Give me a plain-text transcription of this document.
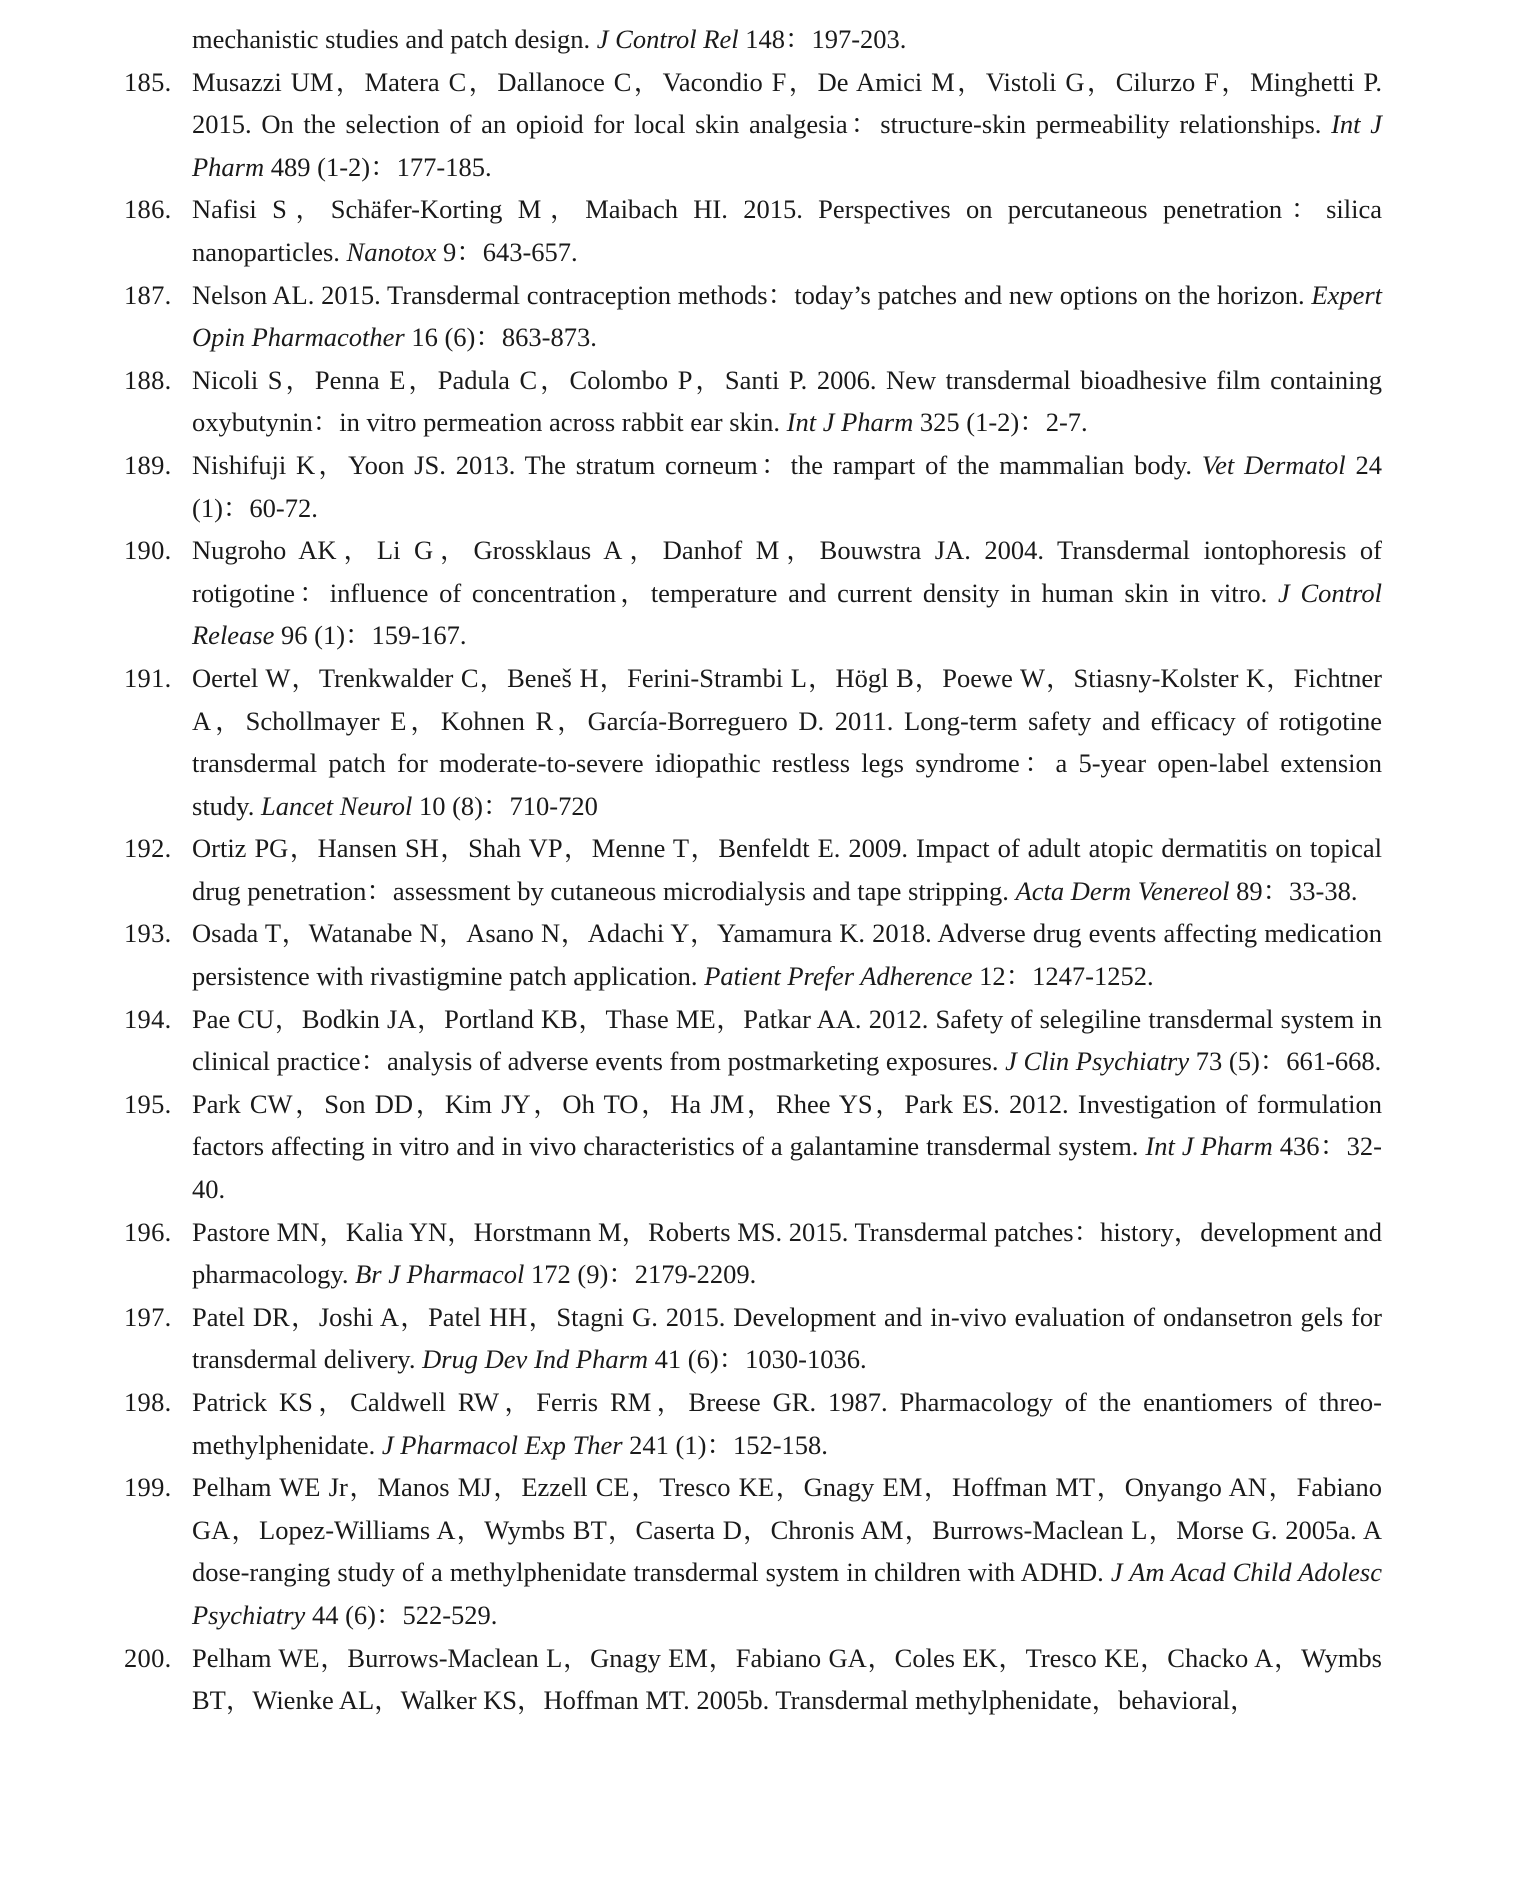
mechanistic studies and patch design. J Control Rel 148：197-203.
185. Musazzi UM，Matera C，Dallanoce C，Vacondio F，De Amici M，Vistoli G，Cilurzo F，Minghetti P. 2015. On the selection of an opioid for local skin analgesia：structure-skin permeability relationships. Int J Pharm 489 (1-2)：177-185.
186. Nafisi S，Schäfer-Korting M，Maibach HI. 2015. Perspectives on percutaneous penetration：silica nanoparticles. Nanotox 9：643-657.
187. Nelson AL. 2015. Transdermal contraception methods：today’s patches and new options on the horizon. Expert Opin Pharmacother 16 (6)：863-873.
188. Nicoli S，Penna E，Padula C，Colombo P，Santi P. 2006. New transdermal bioadhesive film containing oxybutynin：in vitro permeation across rabbit ear skin. Int J Pharm 325 (1-2)：2-7.
189. Nishifuji K，Yoon JS. 2013. The stratum corneum：the rampart of the mammalian body. Vet Dermatol 24 (1)：60-72.
190. Nugroho AK，Li G，Grossklaus A，Danhof M，Bouwstra JA. 2004. Transdermal iontophoresis of rotigotine：influence of concentration，temperature and current density in human skin in vitro. J Control Release 96 (1)：159-167.
191. Oertel W，Trenkwalder C，Beneš H，Ferini-Strambi L，Högl B，Poewe W，Stiasny-Kolster K，Fichtner A，Schollmayer E，Kohnen R，García-Borreguero D. 2011. Long-term safety and efficacy of rotigotine transdermal patch for moderate-to-severe idiopathic restless legs syndrome：a 5-year open-label extension study. Lancet Neurol 10 (8)：710-720
192. Ortiz PG，Hansen SH，Shah VP，Menne T，Benfeldt E. 2009. Impact of adult atopic dermatitis on topical drug penetration：assessment by cutaneous microdialysis and tape stripping. Acta Derm Venereol 89：33-38.
193. Osada T，Watanabe N，Asano N，Adachi Y，Yamamura K. 2018. Adverse drug events affecting medication persistence with rivastigmine patch application. Patient Prefer Adherence 12：1247-1252.
194. Pae CU，Bodkin JA，Portland KB，Thase ME，Patkar AA. 2012. Safety of selegiline transdermal system in clinical practice：analysis of adverse events from postmarketing exposures. J Clin Psychiatry 73 (5)：661-668.
195. Park CW，Son DD，Kim JY，Oh TO，Ha JM，Rhee YS，Park ES. 2012. Investigation of formulation factors affecting in vitro and in vivo characteristics of a galantamine transdermal system. Int J Pharm 436：32-40.
196. Pastore MN，Kalia YN，Horstmann M，Roberts MS. 2015. Transdermal patches：history，development and pharmacology. Br J Pharmacol 172 (9)：2179-2209.
197. Patel DR，Joshi A，Patel HH，Stagni G. 2015. Development and in-vivo evaluation of ondansetron gels for transdermal delivery. Drug Dev Ind Pharm 41 (6)：1030-1036.
198. Patrick KS，Caldwell RW，Ferris RM，Breese GR. 1987. Pharmacology of the enantiomers of threo-methylphenidate. J Pharmacol Exp Ther 241 (1)：152-158.
199. Pelham WE Jr，Manos MJ，Ezzell CE，Tresco KE，Gnagy EM，Hoffman MT，Onyango AN，Fabiano GA，Lopez-Williams A，Wymbs BT，Caserta D，Chronis AM，Burrows-Maclean L，Morse G. 2005a. A dose-ranging study of a methylphenidate transdermal system in children with ADHD. J Am Acad Child Adolesc Psychiatry 44 (6)：522-529.
200. Pelham WE，Burrows-Maclean L，Gnagy EM，Fabiano GA，Coles EK，Tresco KE，Chacko A，Wymbs BT，Wienke AL，Walker KS，Hoffman MT. 2005b. Transdermal methylphenidate，behavioral，
